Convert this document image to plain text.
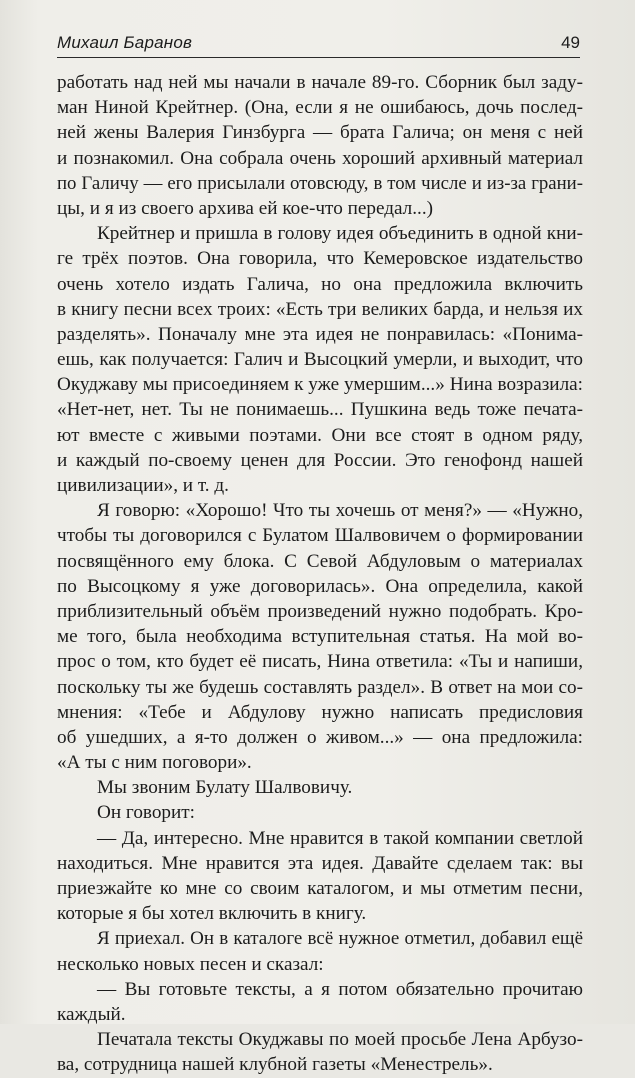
Михаил Баранов	49
работать над ней мы начали в начале 89-го. Сборник был заду-
ман Ниной Крейтнер. (Она, если я не ошибаюсь, дочь послед-
ней жены Валерия Гинзбурга — брата Галича; он меня с ней
и познакомил. Она собрала очень хороший архивный материал
по Галичу — его присылали отовсюду, в том числе и из-за грани-
цы, и я из своего архива ей кое-что передал...)
Крейтнер и пришла в голову идея объединить в одной кни-
ге трёх поэтов. Она говорила, что Кемеровское издательство
очень хотело издать Галича, но она предложила включить
в книгу песни всех троих: «Есть три великих барда, и нельзя их
разделять». Поначалу мне эта идея не понравилась: «Понима-
ешь, как получается: Галич и Высоцкий умерли, и выходит, что
Окуджаву мы присоединяем к уже умершим...» Нина возразила:
«Нет-нет, нет. Ты не понимаешь... Пушкина ведь тоже печата-
ют вместе с живыми поэтами. Они все стоят в одном ряду,
и каждый по-своему ценен для России. Это генофонд нашей
цивилизации», и т. д.
Я говорю: «Хорошо! Что ты хочешь от меня?» — «Нужно,
чтобы ты договорился с Булатом Шалвовичем о формировании
посвящённого ему блока. С Севой Абдуловым о материалах
по Высоцкому я уже договорилась». Она определила, какой
приблизительный объём произведений нужно подобрать. Кро-
ме того, была необходима вступительная статья. На мой во-
прос о том, кто будет её писать, Нина ответила: «Ты и напиши,
поскольку ты же будешь составлять раздел». В ответ на мои со-
мнения: «Тебе и Абдулову нужно написать предисловия
об ушедших, а я-то должен о живом...» — она предложила:
«А ты с ним поговори».
Мы звоним Булату Шалвовичу.
Он говорит:
— Да, интересно. Мне нравится в такой компании светлой
находиться. Мне нравится эта идея. Давайте сделаем так: вы
приезжайте ко мне со своим каталогом, и мы отметим песни,
которые я бы хотел включить в книгу.
Я приехал. Он в каталоге всё нужное отметил, добавил ещё
несколько новых песен и сказал:
— Вы готовьте тексты, а я потом обязательно прочитаю
каждый.
Печатала тексты Окуджавы по моей просьбе Лена Арбузо-
ва, сотрудница нашей клубной газеты «Менестрель».
